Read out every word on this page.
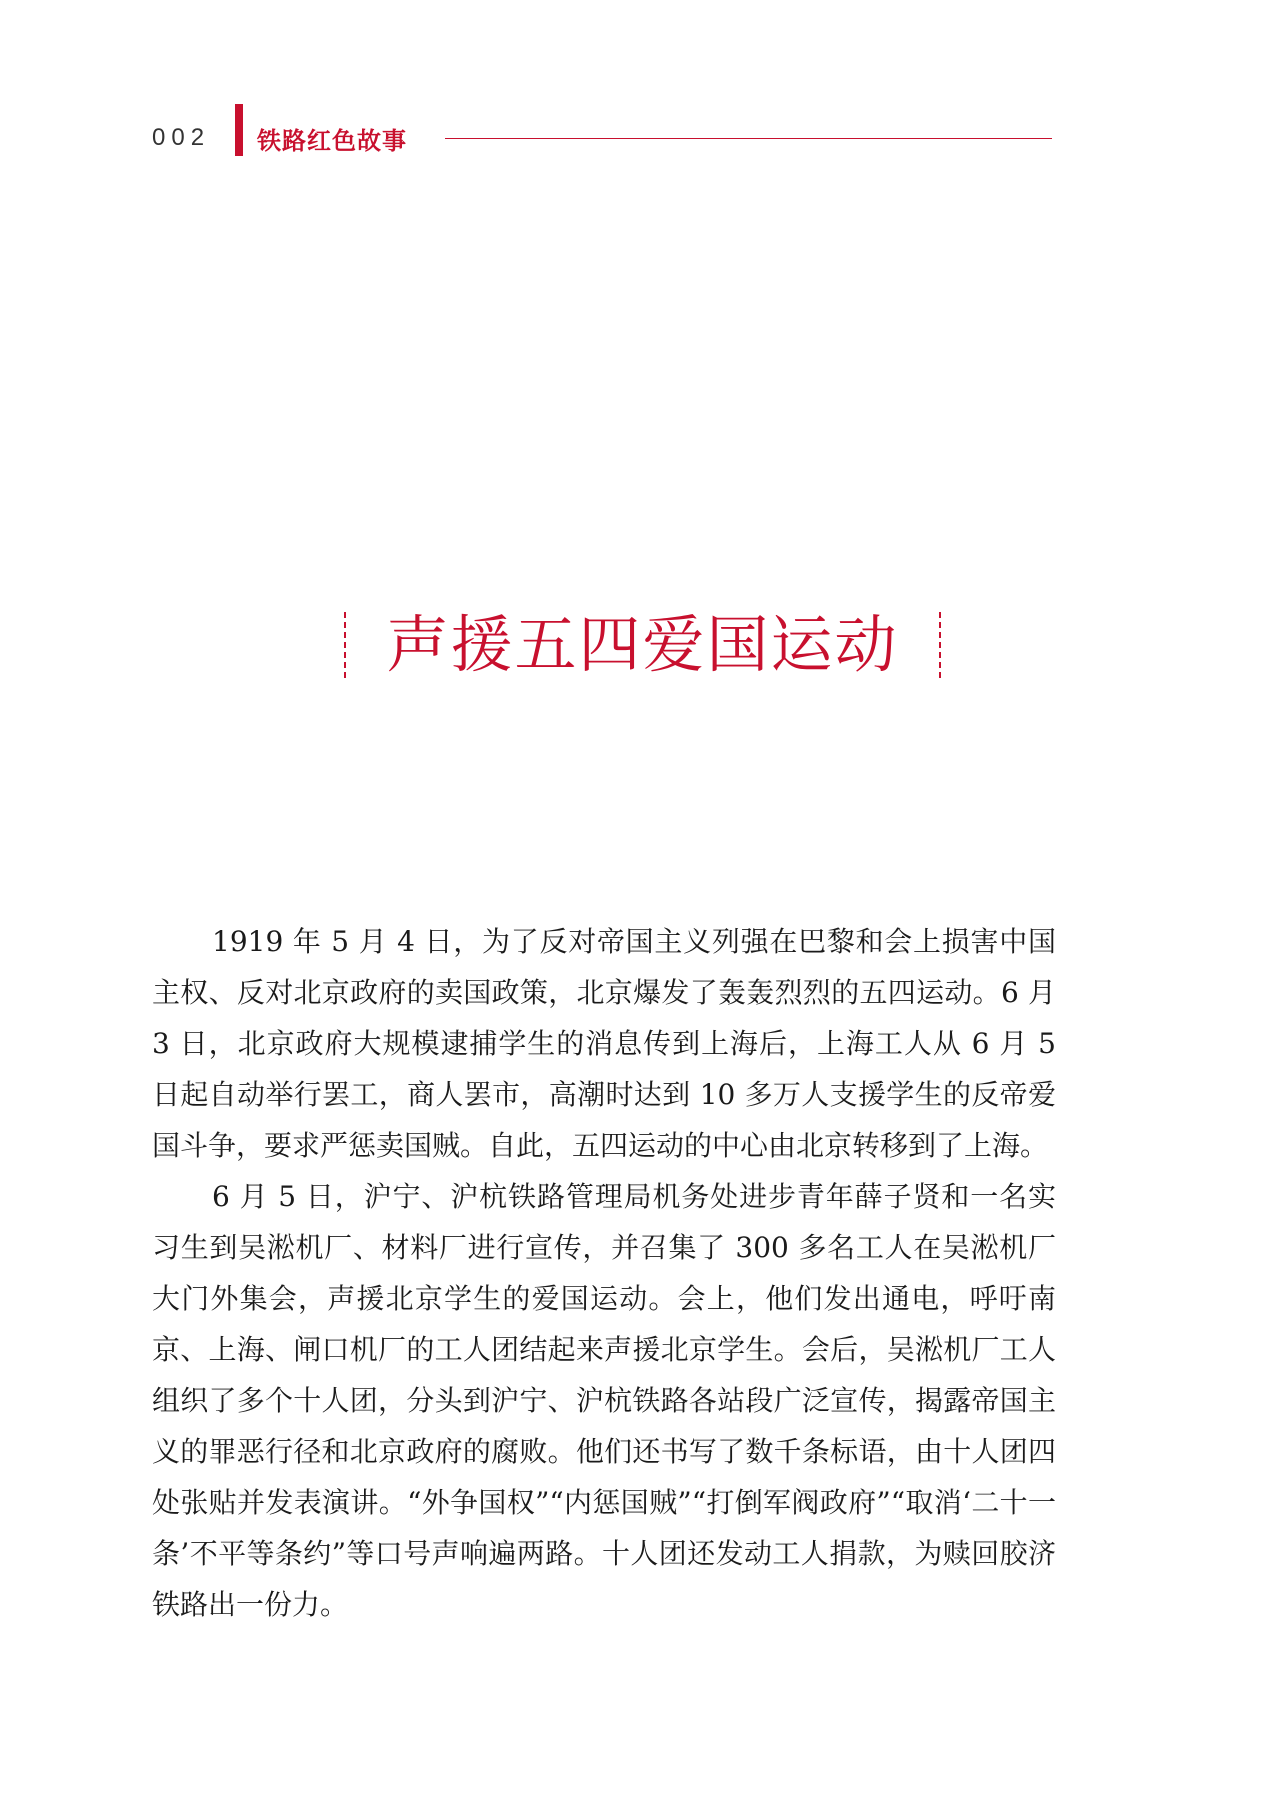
002 铁路红色故事
声援五四爱国运动

1919 年 5 月 4 日，为了反对帝国主义列强在巴黎和会上损害中国主权、反对北京政府的卖国政策，北京爆发了轰轰烈烈的五四运动。6 月 3 日，北京政府大规模逮捕学生的消息传到上海后，上海工人从 6 月 5 日起自动举行罢工，商人罢市，高潮时达到 10 多万人支援学生的反帝爱国斗争，要求严惩卖国贼。自此，五四运动的中心由北京转移到了上海。

6 月 5 日，沪宁、沪杭铁路管理局机务处进步青年薛子贤和一名实习生到吴淞机厂、材料厂进行宣传，并召集了 300 多名工人在吴淞机厂大门外集会，声援北京学生的爱国运动。会上，他们发出通电，呼吁南京、上海、闸口机厂的工人团结起来声援北京学生。会后，吴淞机厂工人组织了多个十人团，分头到沪宁、沪杭铁路各站段广泛宣传，揭露帝国主义的罪恶行径和北京政府的腐败。他们还书写了数千条标语，由十人团四处张贴并发表演讲。“外争国权”“内惩国贼”“打倒军阀政府”“取消‘二十一条’不平等条约”等口号声响遍两路。十人团还发动工人捐款，为赎回胶济铁路出一份力。
